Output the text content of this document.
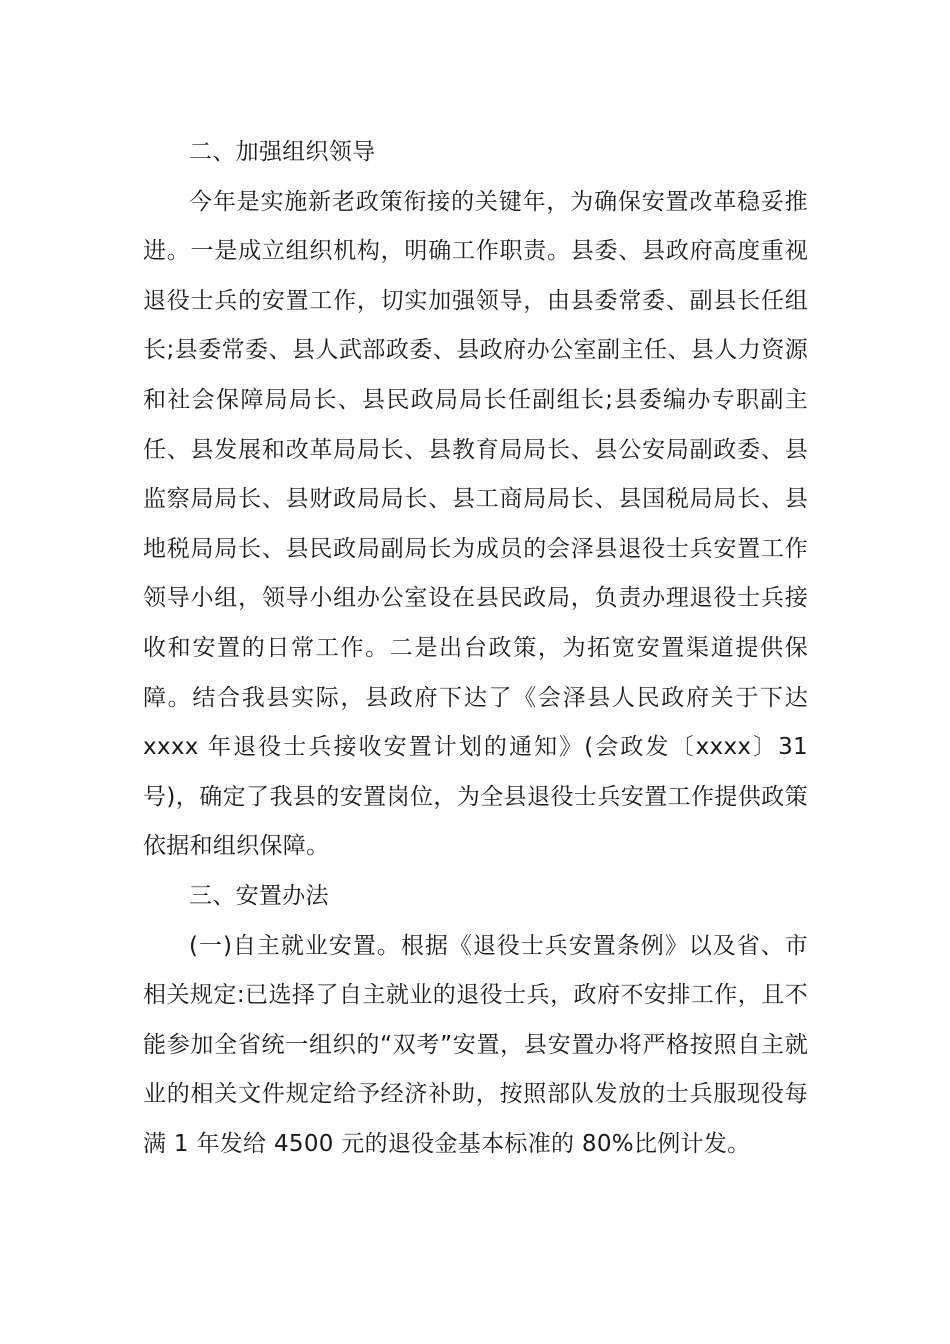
二、加强组织领导
今年是实施新老政策衔接的关键年，为确保安置改革稳妥推进。一是成立组织机构，明确工作职责。县委、县政府高度重视退役士兵的安置工作，切实加强领导，由县委常委、副县长任组长;县委常委、县人武部政委、县政府办公室副主任、县人力资源和社会保障局局长、县民政局局长任副组长;县委编办专职副主任、县发展和改革局局长、县教育局局长、县公安局副政委、县监察局局长、县财政局局长、县工商局局长、县国税局局长、县地税局局长、县民政局副局长为成员的会泽县退役士兵安置工作领导小组，领导小组办公室设在县民政局，负责办理退役士兵接收和安置的日常工作。二是出台政策，为拓宽安置渠道提供保障。结合我县实际，县政府下达了《会泽县人民政府关于下达 xxxx 年退役士兵接收安置计划的通知》(会政发〔xxxx〕31 号)，确定了我县的安置岗位，为全县退役士兵安置工作提供政策依据和组织保障。
三、安置办法
(一)自主就业安置。根据《退役士兵安置条例》以及省、市相关规定:已选择了自主就业的退役士兵，政府不安排工作，且不能参加全省统一组织的“双考”安置，县安置办将严格按照自主就业的相关文件规定给予经济补助，按照部队发放的士兵服现役每满 1 年发给 4500 元的退役金基本标准的 80%比例计发。
